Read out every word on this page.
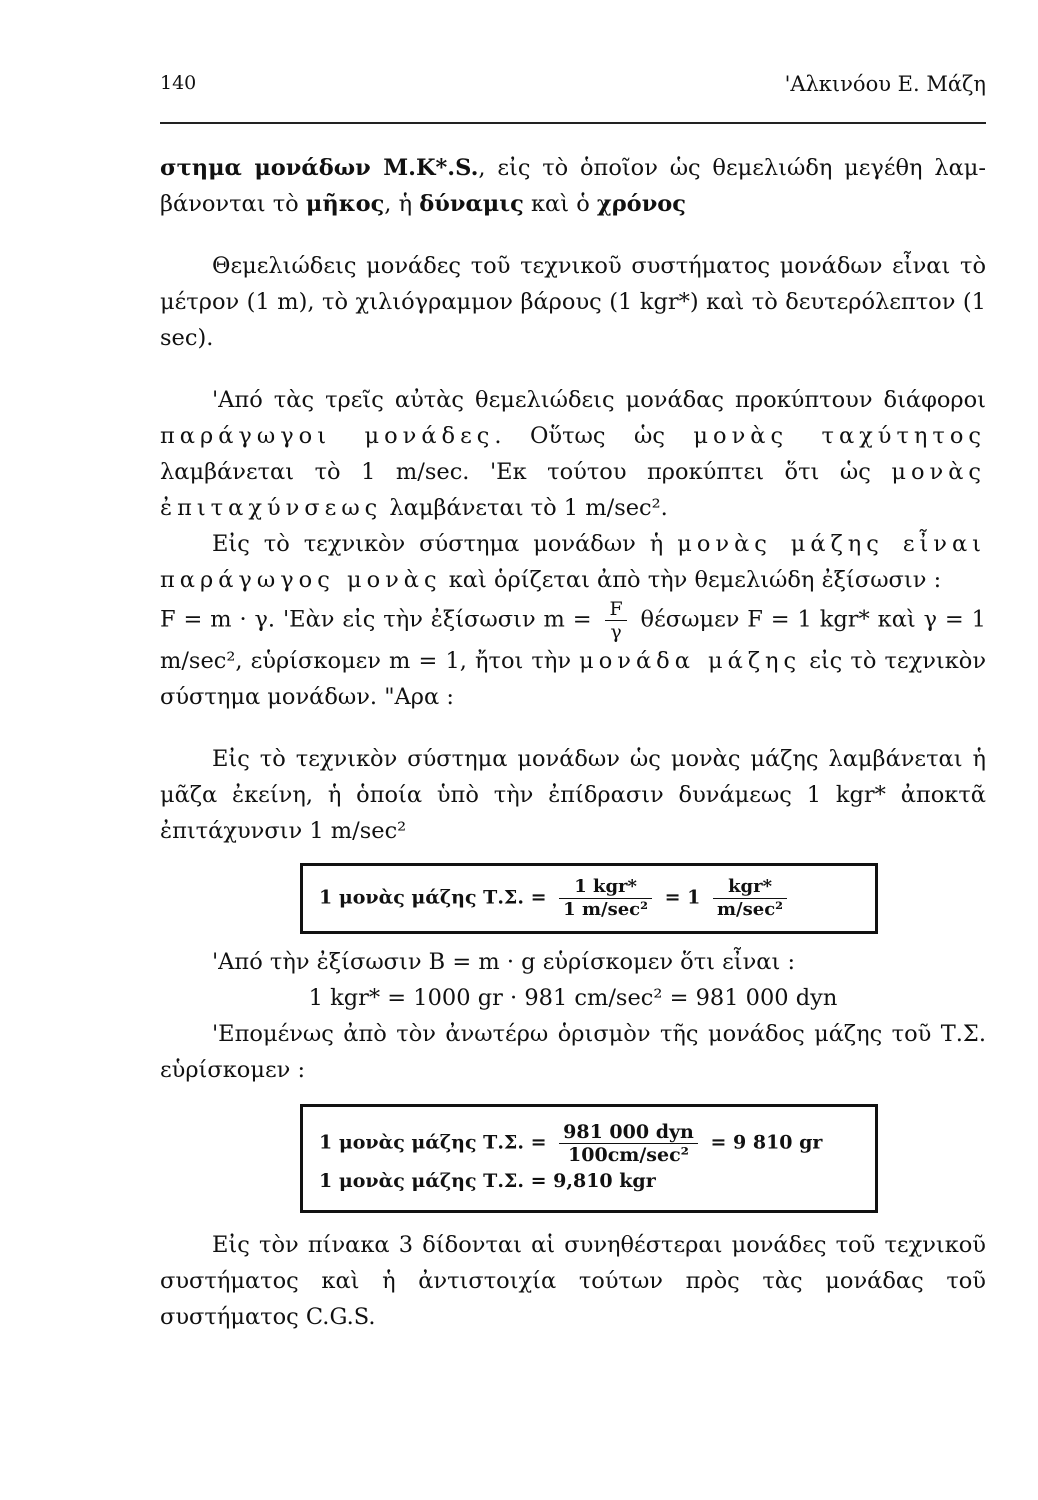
140	'Αλκινόου Ε. Μάζη

στημα μονάδων M.K*.S., εἰς τὸ ὁποῖον ὡς θεμελιώδη μεγέθη λαμ-βάνονται τὸ μῆκος, ἡ δύναμις καὶ ὁ χρόνος

Θεμελιώδεις μονάδες τοῦ τεχνικοῦ συστήματος μονάδων εἶναι τὸ μέτρον (1 m), τὸ χιλιόγραμμον βάρους (1 kgr*) καὶ τὸ δευτερόλεπτον (1 sec).

'Από τὰς τρεῖς αὐτὰς θεμελιώδεις μονάδας προκύπτουν διάφοροι παράγωγοι μονάδες. Οὕτως ὡς μονὰς ταχύτητος λαμβάνεται τὸ 1 m/sec. 'Εκ τούτου προκύπτει ὅτι ὡς μονὰς ἐπιταχύνσεως λαμβάνεται τὸ 1 m/sec².

Εἰς τὸ τεχνικὸν σύστημα μονάδων ἡ μονὰς μάζης εἶναι παράγωγος μονὰς καὶ ὁρίζεται ἀπὸ τὴν θεμελιώδη ἐξίσωσιν :

F = m · γ. 'Εὰν εἰς τὴν ἐξίσωσιν $m = \frac{F}{\gamma}$ θέσωμεν F = 1 kgr* καὶ γ = 1 m/sec², εὑρίσκομεν m = 1, ἤτοι τὴν μονάδα μάζης εἰς τὸ τεχνικὸν σύστημα μονάδων. "Αρα :

Εἰς τὸ τεχνικὸν σύστημα μονάδων ὡς μονὰς μάζης λαμβάνεται ἡ μᾶζα ἐκείνη, ἡ ὁποία ὑπὸ τὴν ἐπίδρασιν δυνάμεως 1 kgr* ἀποκτᾶ ἐπιτάχυνσιν 1 m/sec²

1 μονὰς μάζης Τ.Σ. = $\frac{\text{1 kgr*}}{\text{1 m/sec²}} = 1 \frac{\text{kgr*}}{\text{m/sec²}}$

'Από τὴν ἐξίσωσιν B = m · g εὑρίσκομεν ὅτι εἶναι :

1 kgr* = 1000 gr · 981 cm/sec² = 981 000 dyn

'Επομένως ἀπὸ τὸν ἀνωτέρω ὁρισμὸν τῆς μονάδος μάζης τοῦ Τ.Σ. εὑρίσκομεν :

1 μονὰς μάζης Τ.Σ. = $\frac{\text{981 000 dyn}}{\text{100cm/sec²}} = 9$ 810 gr
1 μονὰς μάζης Τ.Σ. = 9,810 kgr

Εἰς τὸν πίνακα 3 δίδονται αἱ συνηθέστεραι μονάδες τοῦ τεχνικοῦ συστήματος καὶ ἡ ἀντιστοιχία τούτων πρὸς τὰς μονάδας τοῦ συστήματος C.G.S.
